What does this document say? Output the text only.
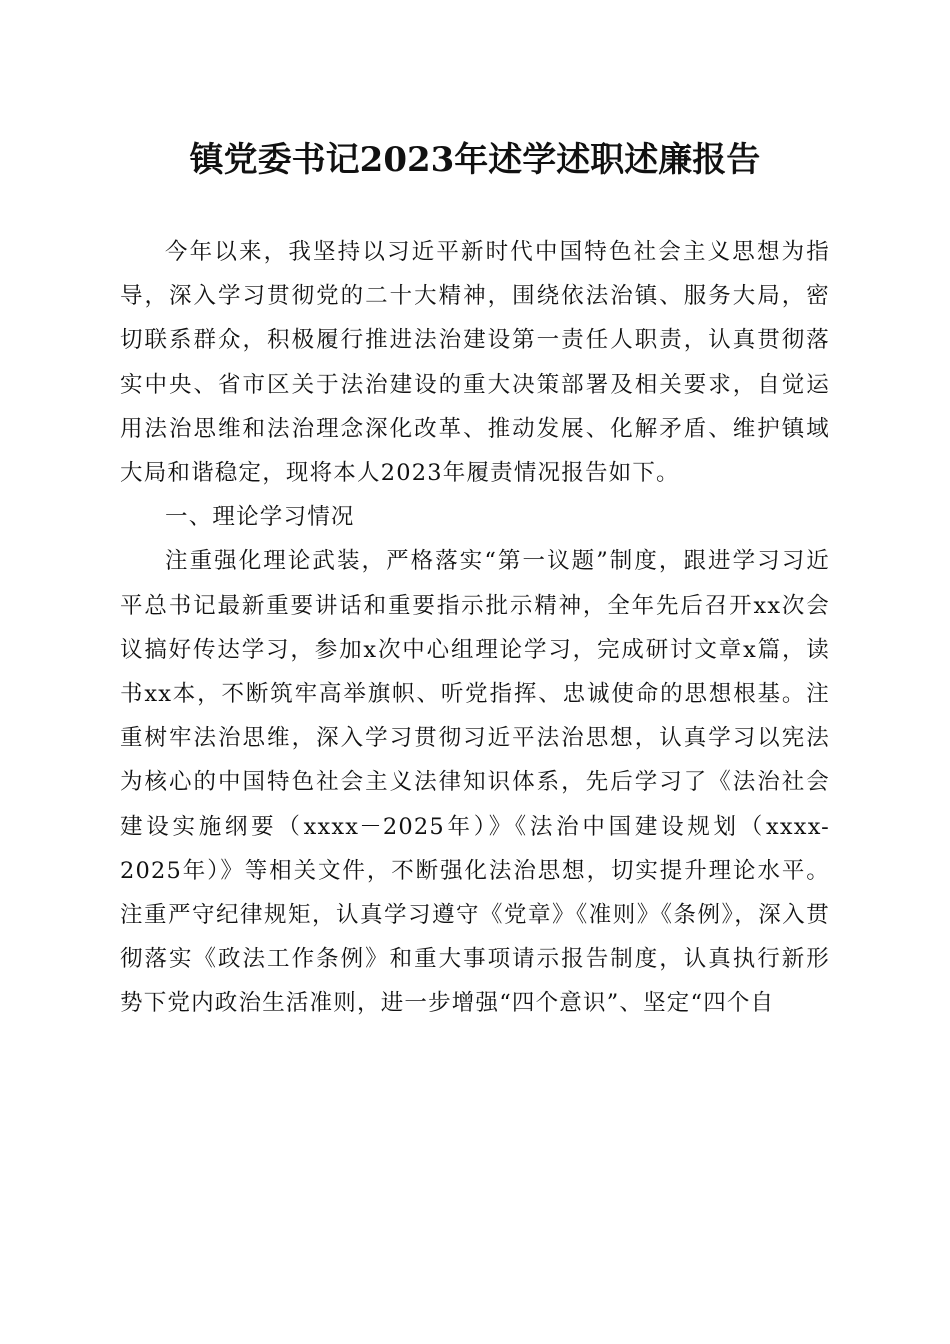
镇党委书记2023年述学述职述廉报告

今年以来，我坚持以习近平新时代中国特色社会主义思想为指导，深入学习贯彻党的二十大精神，围绕依法治镇、服务大局，密切联系群众，积极履行推进法治建设第一责任人职责，认真贯彻落实中央、省市区关于法治建设的重大决策部署及相关要求，自觉运用法治思维和法治理念深化改革、推动发展、化解矛盾、维护镇域大局和谐稳定，现将本人2023年履责情况报告如下。

一、理论学习情况

注重强化理论武装，严格落实“第一议题”制度，跟进学习习近平总书记最新重要讲话和重要指示批示精神，全年先后召开xx次会议搞好传达学习，参加x次中心组理论学习，完成研讨文章x篇，读书xx本，不断筑牢高举旗帜、听党指挥、忠诚使命的思想根基。注重树牢法治思维，深入学习贯彻习近平法治思想，认真学习以宪法为核心的中国特色社会主义法律知识体系，先后学习了《法治社会建设实施纲要（xxxx－2025年）》《法治中国建设规划（xxxx-2025年）》等相关文件，不断强化法治思想，切实提升理论水平。注重严守纪律规矩，认真学习遵守《党章》《准则》《条例》，深入贯彻落实《政法工作条例》和重大事项请示报告制度，认真执行新形势下党内政治生活准则，进一步增强“四个意识”、坚定“四个自
